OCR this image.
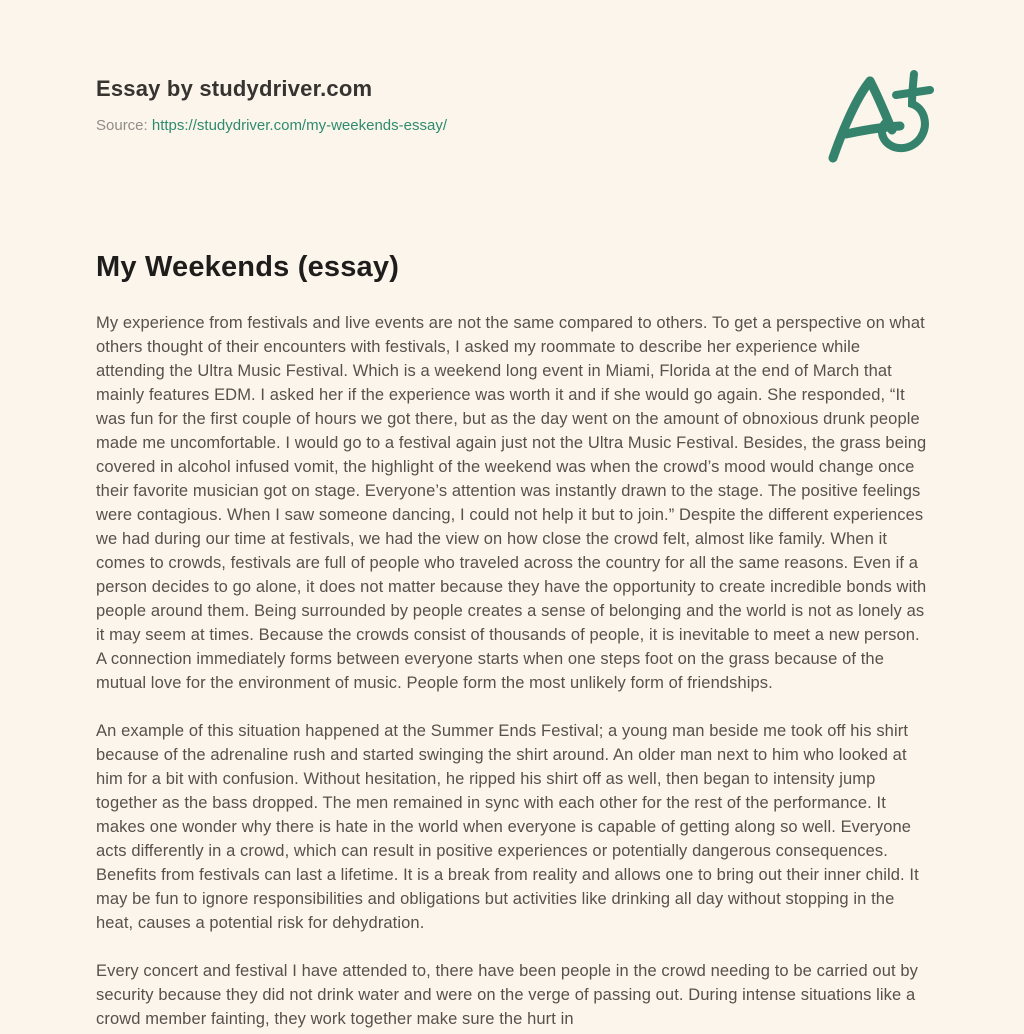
Essay by studydriver.com
Source: https://studydriver.com/my-weekends-essay/
My Weekends (essay)

My experience from festivals and live events are not the same compared to others. To get a perspective on what others thought of their encounters with festivals, I asked my roommate to describe her experience while attending the Ultra Music Festival. Which is a weekend long event in Miami, Florida at the end of March that mainly features EDM. I asked her if the experience was worth it and if she would go again. She responded, “It was fun for the first couple of hours we got there, but as the day went on the amount of obnoxious drunk people made me uncomfortable. I would go to a festival again just not the Ultra Music Festival. Besides, the grass being covered in alcohol infused vomit, the highlight of the weekend was when the crowd’s mood would change once their favorite musician got on stage. Everyone’s attention was instantly drawn to the stage. The positive feelings were contagious. When I saw someone dancing, I could not help it but to join.” Despite the different experiences we had during our time at festivals, we had the view on how close the crowd felt, almost like family. When it comes to crowds, festivals are full of people who traveled across the country for all the same reasons. Even if a person decides to go alone, it does not matter because they have the opportunity to create incredible bonds with people around them. Being surrounded by people creates a sense of belonging and the world is not as lonely as it may seem at times. Because the crowds consist of thousands of people, it is inevitable to meet a new person. A connection immediately forms between everyone starts when one steps foot on the grass because of the mutual love for the environment of music. People form the most unlikely form of friendships.

An example of this situation happened at the Summer Ends Festival; a young man beside me took off his shirt because of the adrenaline rush and started swinging the shirt around. An older man next to him who looked at him for a bit with confusion. Without hesitation, he ripped his shirt off as well, then began to intensity jump together as the bass dropped. The men remained in sync with each other for the rest of the performance. It makes one wonder why there is hate in the world when everyone is capable of getting along so well. Everyone acts differently in a crowd, which can result in positive experiences or potentially dangerous consequences. Benefits from festivals can last a lifetime. It is a break from reality and allows one to bring out their inner child. It may be fun to ignore responsibilities and obligations but activities like drinking all day without stopping in the heat, causes a potential risk for dehydration.

Every concert and festival I have attended to, there have been people in the crowd needing to be carried out by security because they did not drink water and were on the verge of passing out. During intense situations like a crowd member fainting, they work together make sure the hurt in
